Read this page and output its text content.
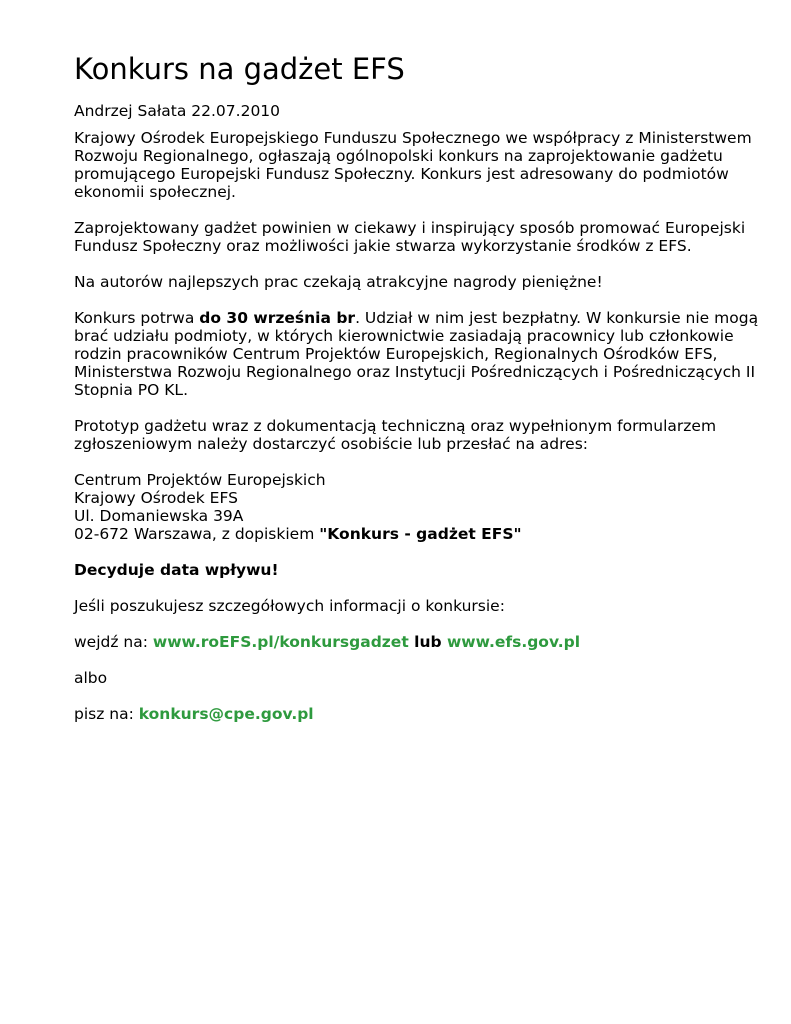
Konkurs na gadżet EFS

Andrzej Sałata 22.07.2010

Krajowy Ośrodek Europejskiego Funduszu Społecznego we współpracy z Ministerstwem Rozwoju Regionalnego, ogłaszają ogólnopolski konkurs na zaprojektowanie gadżetu promującego Europejski Fundusz Społeczny. Konkurs jest adresowany do podmiotów ekonomii społecznej.

Zaprojektowany gadżet powinien w ciekawy i inspirujący sposób promować Europejski Fundusz Społeczny oraz możliwości jakie stwarza wykorzystanie środków z EFS.

Na autorów najlepszych prac czekają atrakcyjne nagrody pieniężne!

Konkurs potrwa do 30 września br. Udział w nim jest bezpłatny. W konkursie nie mogą brać udziału podmioty, w których kierownictwie zasiadają pracownicy lub członkowie rodzin pracowników Centrum Projektów Europejskich, Regionalnych Ośrodków EFS, Ministerstwa Rozwoju Regionalnego oraz Instytucji Pośredniczących i Pośredniczących II Stopnia PO KL.

Prototyp gadżetu wraz z dokumentacją techniczną oraz wypełnionym formularzem zgłoszeniowym należy dostarczyć osobiście lub przesłać na adres:

Centrum Projektów Europejskich

Krajowy Ośrodek EFS

Ul. Domaniewska 39A

02-672 Warszawa, z dopiskiem "Konkurs - gadżet EFS"

Decyduje data wpływu!

Jeśli poszukujesz szczegółowych informacji o konkursie:

wejdź na: www.roEFS.pl/konkursgadzet lub www.efs.gov.pl

albo

pisz na: konkurs@cpe.gov.pl
